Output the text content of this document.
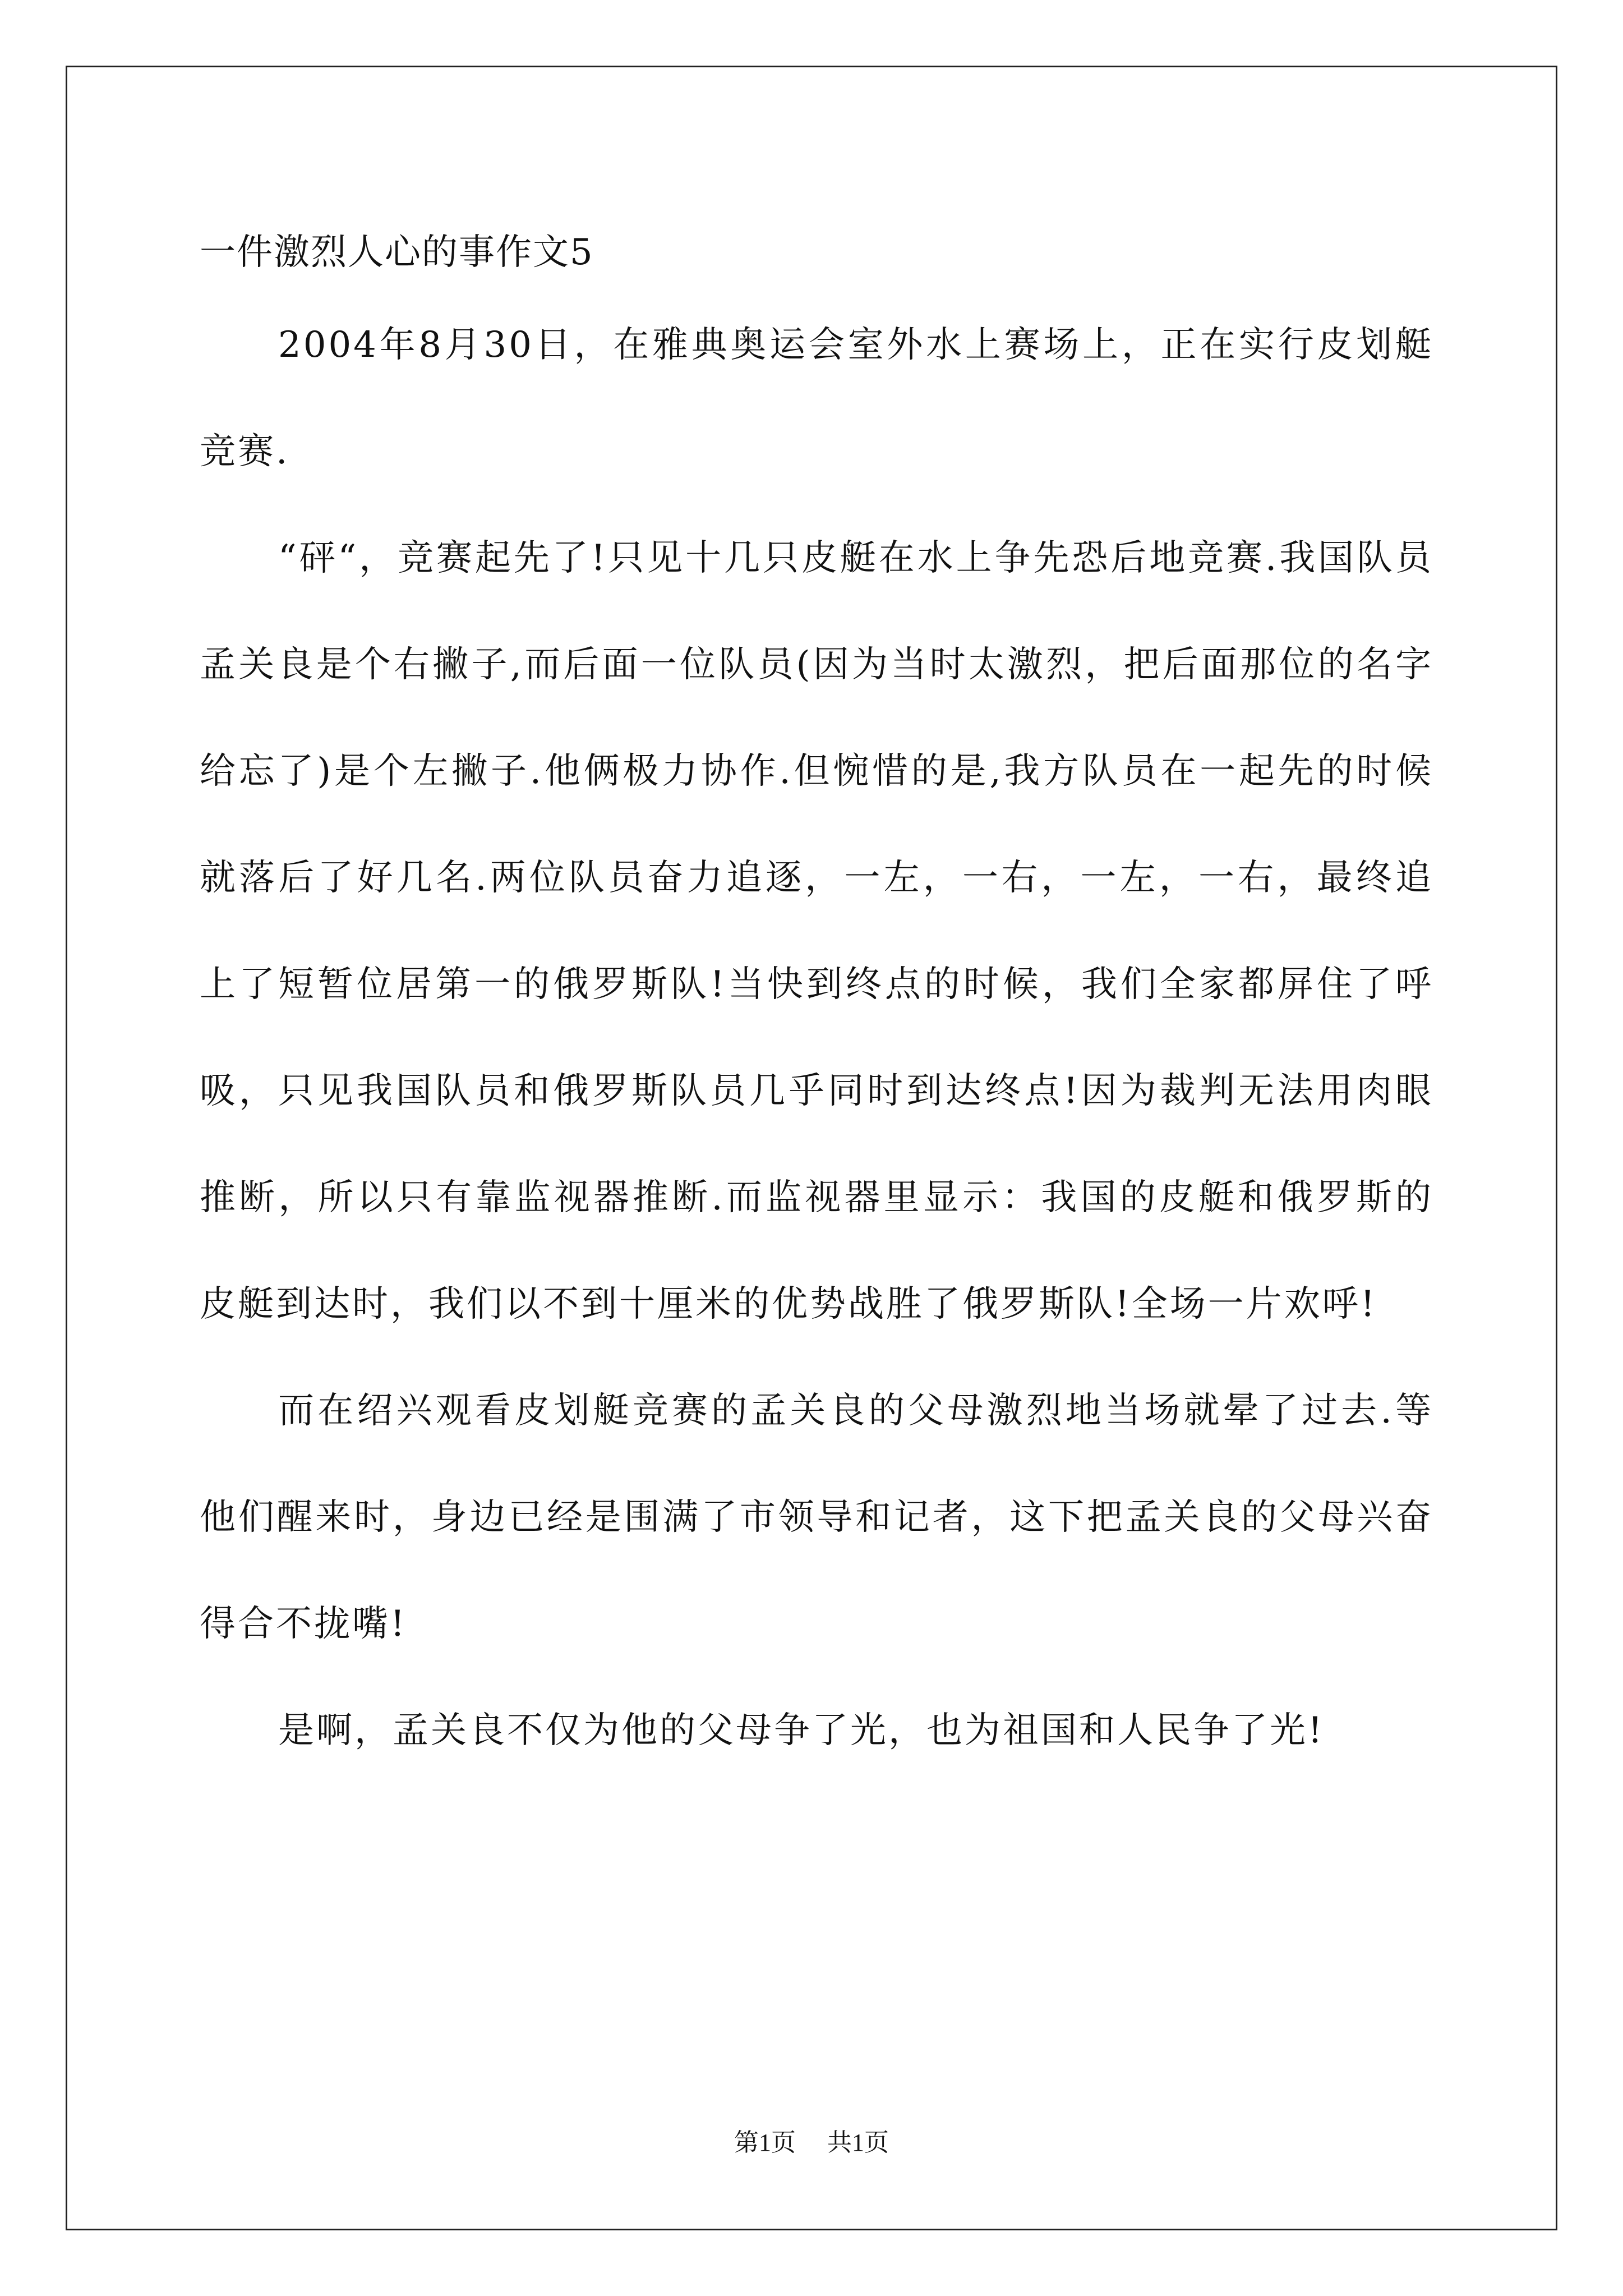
一件激烈人心的事作文5

2004年8月30日，在雅典奥运会室外水上赛场上，正在实行皮划艇竞赛.

“砰“，竞赛起先了!只见十几只皮艇在水上争先恐后地竞赛.我国队员孟关良是个右撇子,而后面一位队员(因为当时太激烈，把后面那位的名字给忘了)是个左撇子.他俩极力协作.但惋惜的是,我方队员在一起先的时候就落后了好几名.两位队员奋力追逐，一左，一右，一左，一右，最终追上了短暂位居第一的俄罗斯队!当快到终点的时候，我们全家都屏住了呼吸，只见我国队员和俄罗斯队员几乎同时到达终点!因为裁判无法用肉眼推断，所以只有靠监视器推断.而监视器里显示：我国的皮艇和俄罗斯的皮艇到达时，我们以不到十厘米的优势战胜了俄罗斯队!全场一片欢呼!

而在绍兴观看皮划艇竞赛的孟关良的父母激烈地当场就晕了过去.等他们醒来时，身边已经是围满了市领导和记者，这下把孟关良的父母兴奋得合不拢嘴!

是啊，孟关良不仅为他的父母争了光，也为祖国和人民争了光!

第1页 共1页
